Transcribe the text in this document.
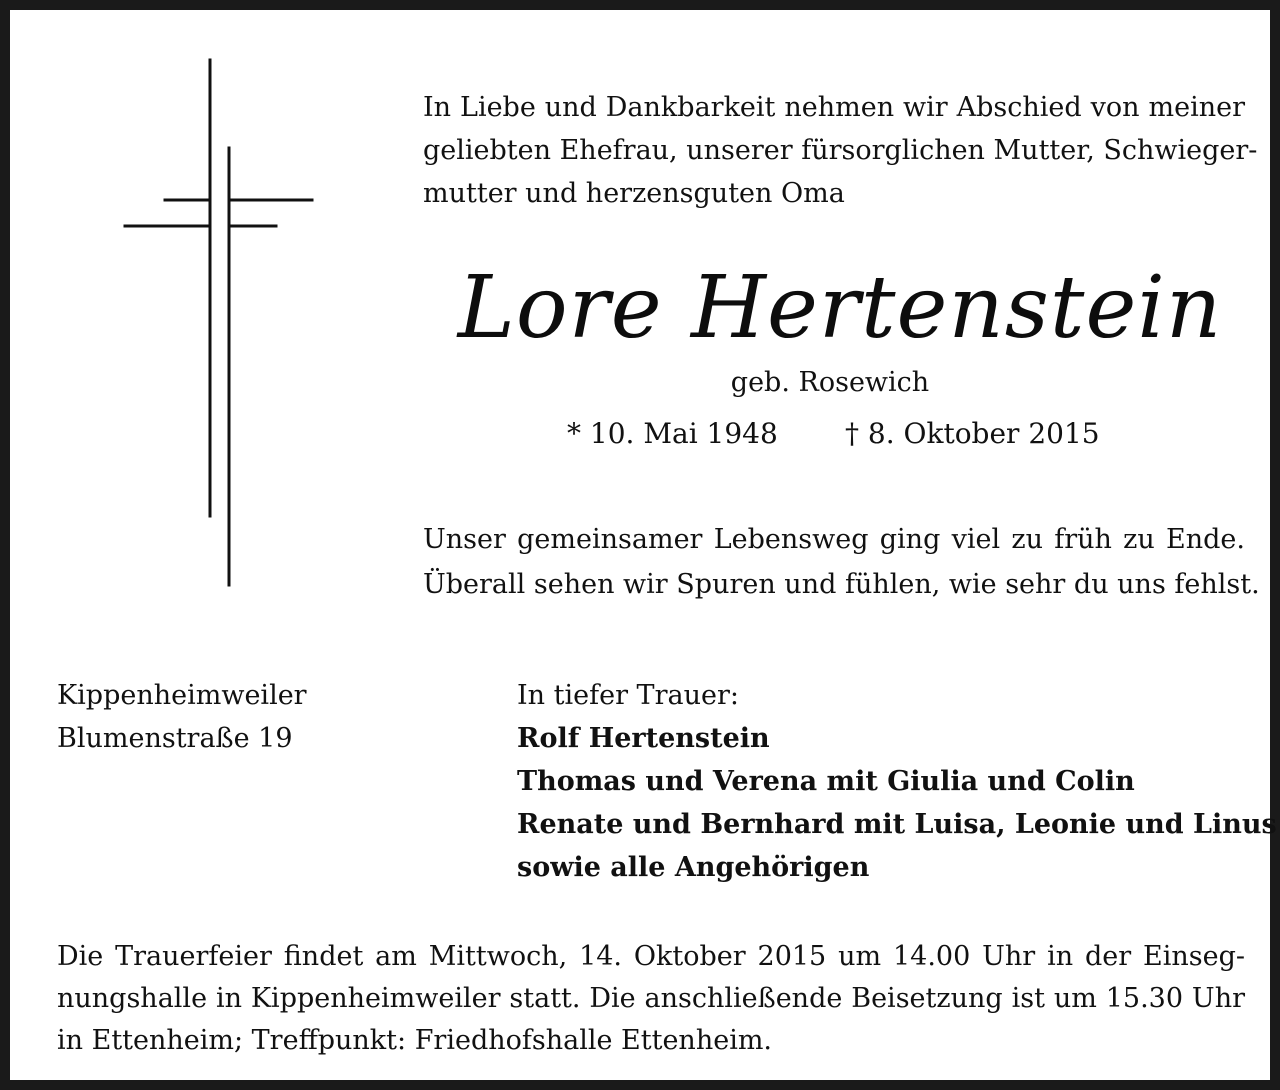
In Liebe und Dankbarkeit nehmen wir Abschied von meiner
geliebten Ehefrau, unserer fürsorglichen Mutter, Schwieger-
mutter und herzensguten Oma
Lore Hertenstein
geb. Rosewich
* 10. Mai 1948 † 8. Oktober 2015
Unser gemeinsamer Lebensweg ging viel zu früh zu Ende.
Überall sehen wir Spuren und fühlen, wie sehr du uns fehlst.
Kippenheimweiler
Blumenstraße 19
In tiefer Trauer:
Rolf Hertenstein
Thomas und Verena mit Giulia und Colin
Renate und Bernhard mit Luisa, Leonie und Linus
sowie alle Angehörigen
Die Trauerfeier findet am Mittwoch, 14. Oktober 2015 um 14.00 Uhr in der Einseg-
nungshalle in Kippenheimweiler statt. Die anschließende Beisetzung ist um 15.30 Uhr
in Ettenheim; Treffpunkt: Friedhofshalle Ettenheim.
